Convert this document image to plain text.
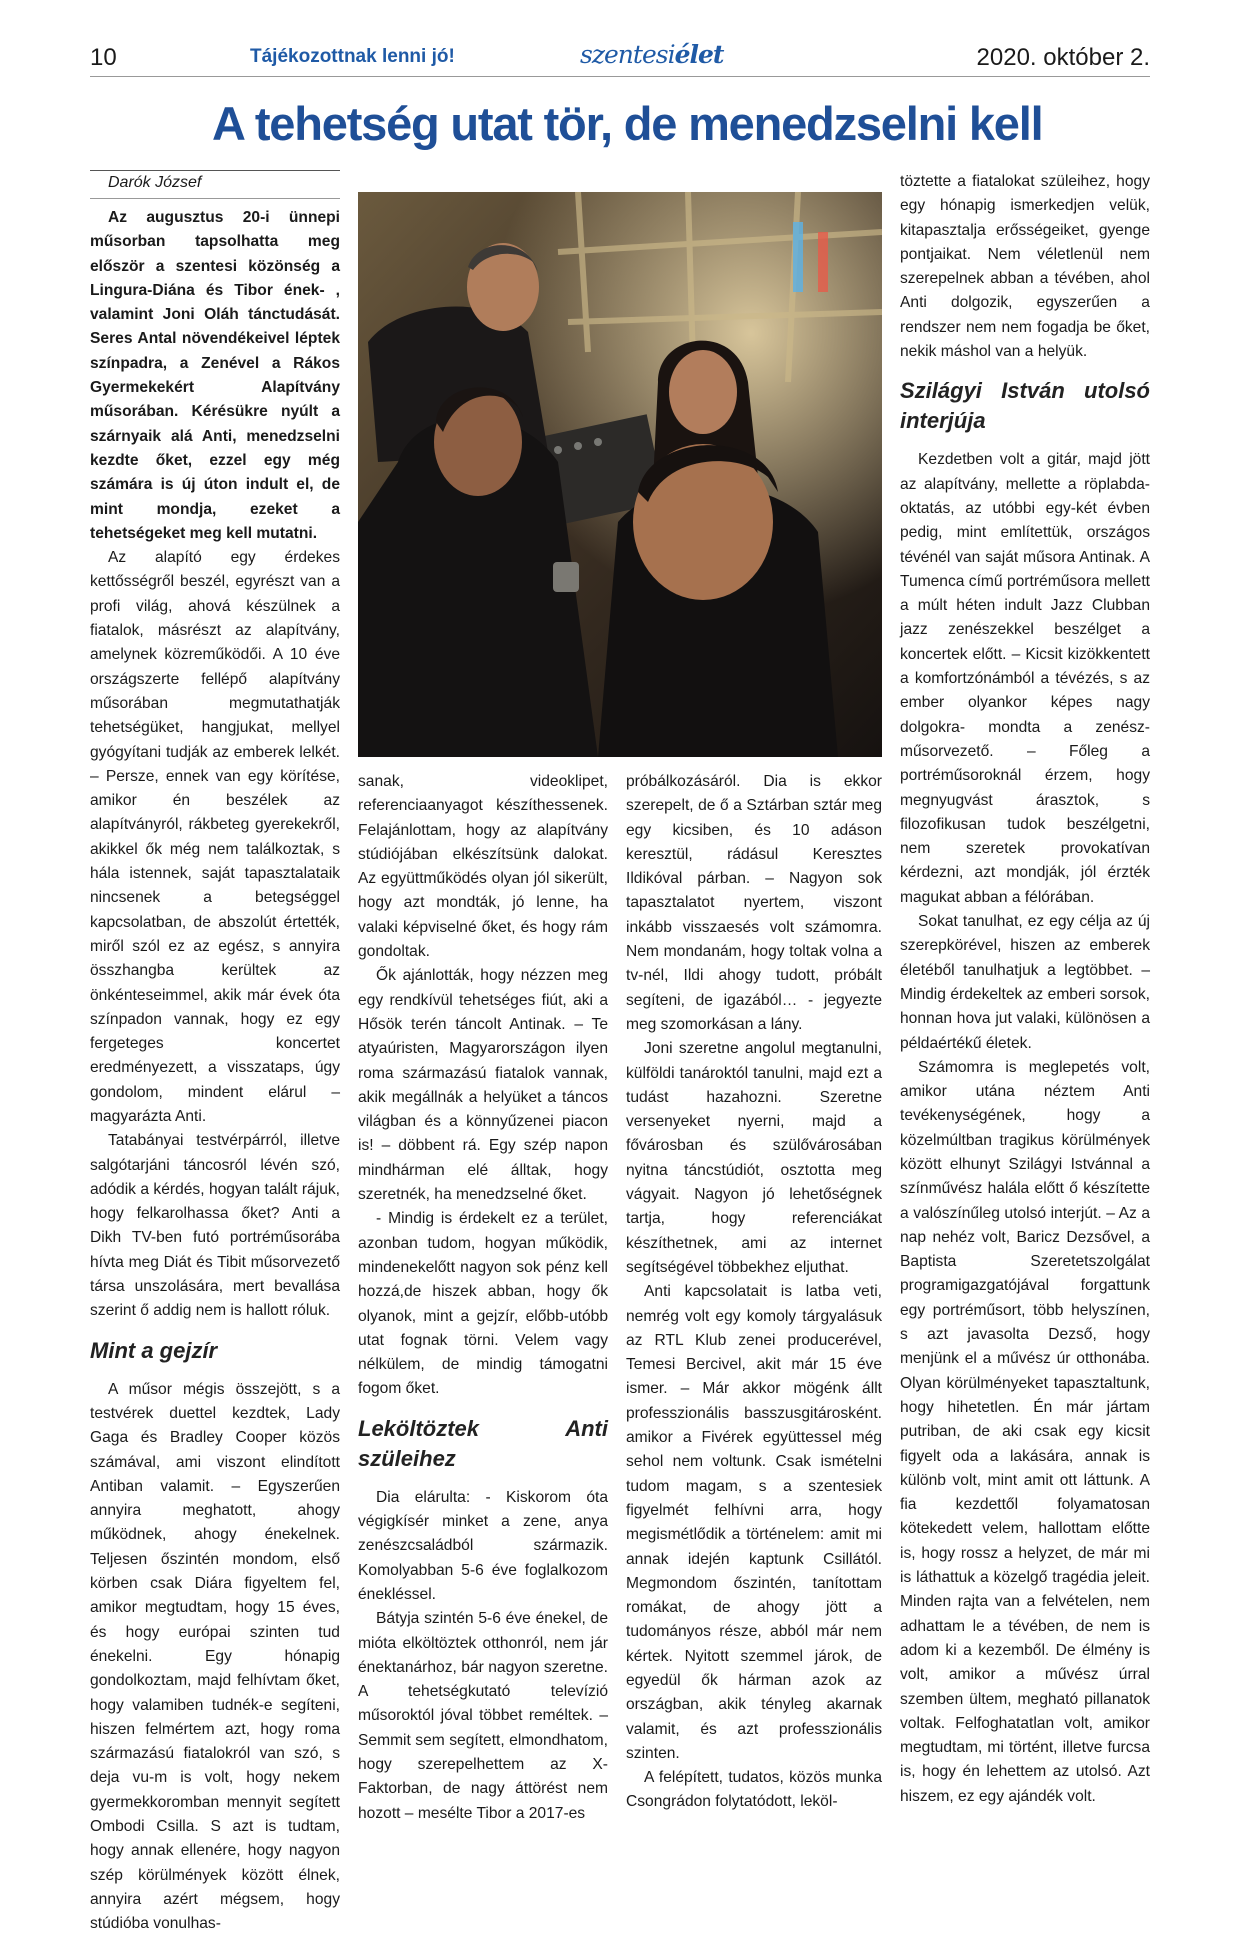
10	Tájékozottnak lenni jó!	szentesiélet	2020. október 2.
A tehetség utat tör, de menedzselni kell
Darók József

Az augusztus 20-i ünnepi műsorban tapsolhatta meg először a szentesi közönség a Lingura-Diána és Tibor ének- , valamint Joni Oláh tánctudását. Seres Antal növendékeivel léptek színpadra, a Zenével a Rákos Gyermekekért Alapítvány műsorában. Kérésükre nyúlt a szárnyaik alá Anti, menedzselni kezdte őket, ezzel egy még számára is új úton indult el, de mint mondja, ezeket a tehetségeket meg kell mutatni.

Az alapító egy érdekes kettősségről beszél, egyrészt van a profi világ, ahová készülnek a fiatalok, másrészt az alapítvány, amelynek közreműködői. A 10 éve országszerte fellépő alapítvány műsorában megmutathatják tehetségüket, hangjukat, mellyel gyógyítani tudják az emberek lelkét. – Persze, ennek van egy körítése, amikor én beszélek az alapítványról, rákbeteg gyerekekről, akikkel ők még nem találkoztak, s hála istennek, saját tapasztalataik nincsenek a betegséggel kapcsolatban, de abszolút értették, miről szól ez az egész, s annyira összhangba kerültek az önkénteseimmel, akik már évek óta színpadon vannak, hogy ez egy fergeteges koncertet eredményezett, a visszataps, úgy gondolom, mindent elárul – magyarázta Anti.

Tatabányai testvérpárról, illetve salgótarjáni táncosról lévén szó, adódik a kérdés, hogyan talált rájuk, hogy felkarolhassa őket? Anti a Dikh TV-ben futó portréműsorába hívta meg Diát és Tibit műsorvezető társa unszolására, mert bevallása szerint ő addig nem is hallott róluk.

Mint a gejzír

A műsor mégis összejött, s a testvérek duettel kezdtek, Lady Gaga és Bradley Cooper közös számával, ami viszont elindított Antiban valamit. – Egyszerűen annyira meghatott, ahogy működnek, ahogy énekelnek. Teljesen őszintén mondom, első körben csak Diára figyeltem fel, amikor megtudtam, hogy 15 éves, és hogy európai szinten tud énekelni. Egy hónapig gondolkoztam, majd felhívtam őket, hogy valamiben tudnék-e segíteni, hiszen felmértem azt, hogy roma származású fiatalokról van szó, s deja vu-m is volt, hogy nekem gyermekkoromban mennyit segített Ombodi Csilla. S azt is tudtam, hogy annak ellenére, hogy nagyon szép körülmények között élnek, annyira azért mégsem, hogy stúdióba vonulhas-

sanak, videoklipet, referenciaanyagot készíthessenek. Felajánlottam, hogy az alapítvány stúdiójában elkészítsünk dalokat. Az együttműködés olyan jól sikerült, hogy azt mondták, jó lenne, ha valaki képviselné őket, és hogy rám gondoltak.

Ők ajánlották, hogy nézzen meg egy rendkívül tehetséges fiút, aki a Hősök terén táncolt Antinak. – Te atyaúristen, Magyarországon ilyen roma származású fiatalok vannak, akik megállnák a helyüket a táncos világban és a könnyűzenei piacon is! – döbbent rá. Egy szép napon mindhárman elé álltak, hogy szeretnék, ha menedzselné őket.

- Mindig is érdekelt ez a terület, azonban tudom, hogyan működik, mindenekelőtt nagyon sok pénz kell hozzá,de hiszek abban, hogy ők olyanok, mint a gejzír, előbb-utóbb utat fognak törni. Velem vagy nélkülem, de mindig támogatni fogom őket.

Leköltöztek Anti szüleihez

Dia elárulta: - Kiskorom óta végigkísér minket a zene, anya zenészcsaládból származik. Komolyabban 5-6 éve foglalkozom énekléssel.

Bátyja szintén 5-6 éve énekel, de mióta elköltöztek otthonról, nem jár énektanárhoz, bár nagyon szeretne. A tehetségkutató televízió műsoroktól jóval többet reméltek. – Semmit sem segített, elmondhatom, hogy szerepelhettem az X-Faktorban, de nagy áttörést nem hozott – mesélte Tibor a 2017-es

próbálkozásáról. Dia is ekkor szerepelt, de ő a Sztárban sztár meg egy kicsiben, és 10 adáson keresztül, rádásul Keresztes Ildikóval párban. – Nagyon sok tapasztalatot nyertem, viszont inkább visszaesés volt számomra. Nem mondanám, hogy toltak volna a tv-nél, Ildi ahogy tudott, próbált segíteni, de igazából… - jegyezte meg szomorkásan a lány.

Joni szeretne angolul megtanulni, külföldi tanároktól tanulni, majd ezt a tudást hazahozni. Szeretne versenyeket nyerni, majd a fővárosban és szülővárosában nyitna táncstúdiót, osztotta meg vágyait. Nagyon jó lehetőségnek tartja, hogy referenciákat készíthetnek, ami az internet segítségével többekhez eljuthat.

Anti kapcsolatait is latba veti, nemrég volt egy komoly tárgyalásuk az RTL Klub zenei producerével, Temesi Bercivel, akit már 15 éve ismer. – Már akkor mögénk állt professzionális basszusgitárosként. amikor a Fivérek együttessel még sehol nem voltunk. Csak ismételni tudom magam, s a szentesiek figyelmét felhívni arra, hogy megismétlődik a történelem: amit mi annak idején kaptunk Csillától. Megmondom őszintén, tanítottam romákat, de ahogy jött a tudományos része, abból már nem kértek. Nyitott szemmel járok, de egyedül ők hárman azok az országban, akik tényleg akarnak valamit, és azt professzionális szinten.

A felépített, tudatos, közös munka Csongrádon folytatódott, leköl-

töztette a fiatalokat szüleihez, hogy egy hónapig ismerkedjen velük, kitapasztalja erősségeiket, gyenge pontjaikat. Nem véletlenül nem szerepelnek abban a tévében, ahol Anti dolgozik, egyszerűen a rendszer nem nem fogadja be őket, nekik máshol van a helyük.

Szilágyi István utolsó interjúja

Kezdetben volt a gitár, majd jött az alapítvány, mellette a röplabda-oktatás, az utóbbi egy-két évben pedig, mint említettük, országos tévénél van saját műsora Antinak. A Tumenca című portréműsora mellett a múlt héten indult Jazz Clubban jazz zenészekkel beszélget a koncertek előtt. – Kicsit kizökkentett a komfortzónámból a tévézés, s az ember olyankor képes nagy dolgokra- mondta a zenész-műsorvezető. – Főleg a portréműsoroknál érzem, hogy megnyugvást árasztok, s filozofikusan tudok beszélgetni, nem szeretek provokatívan kérdezni, azt mondják, jól érzték magukat abban a félórában.

Sokat tanulhat, ez egy célja az új szerepkörével, hiszen az emberek életéből tanulhatjuk a legtöbbet. – Mindig érdekeltek az emberi sorsok, honnan hova jut valaki, különösen a példaértékű életek.

Számomra is meglepetés volt, amikor utána néztem Anti tevékenységének, hogy a közelmúltban tragikus körülmények között elhunyt Szilágyi Istvánnal a színművész halála előtt ő készítette a valószínűleg utolsó interjút. – Az a nap nehéz volt, Baricz Dezsővel, a Baptista Szeretetszolgálat programigazgatójával forgattunk egy portréműsort, több helyszínen, s azt javasolta Dezső, hogy menjünk el a művész úr otthonába. Olyan körülményeket tapasztaltunk, hogy hihetetlen. Én már jártam putriban, de aki csak egy kicsit figyelt oda a lakására, annak is különb volt, mint amit ott láttunk. A fia kezdettől folyamatosan kötekedett velem, hallottam előtte is, hogy rossz a helyzet, de már mi is láthattuk a közelgő tragédia jeleit. Minden rajta van a felvételen, nem adhattam le a tévében, de nem is adom ki a kezemből. De élmény is volt, amikor a művész úrral szemben ültem, megható pillanatok voltak. Felfoghatatlan volt, amikor megtudtam, mi történt, illetve furcsa is, hogy én lehettem az utolsó. Azt hiszem, ez egy ajándék volt.
